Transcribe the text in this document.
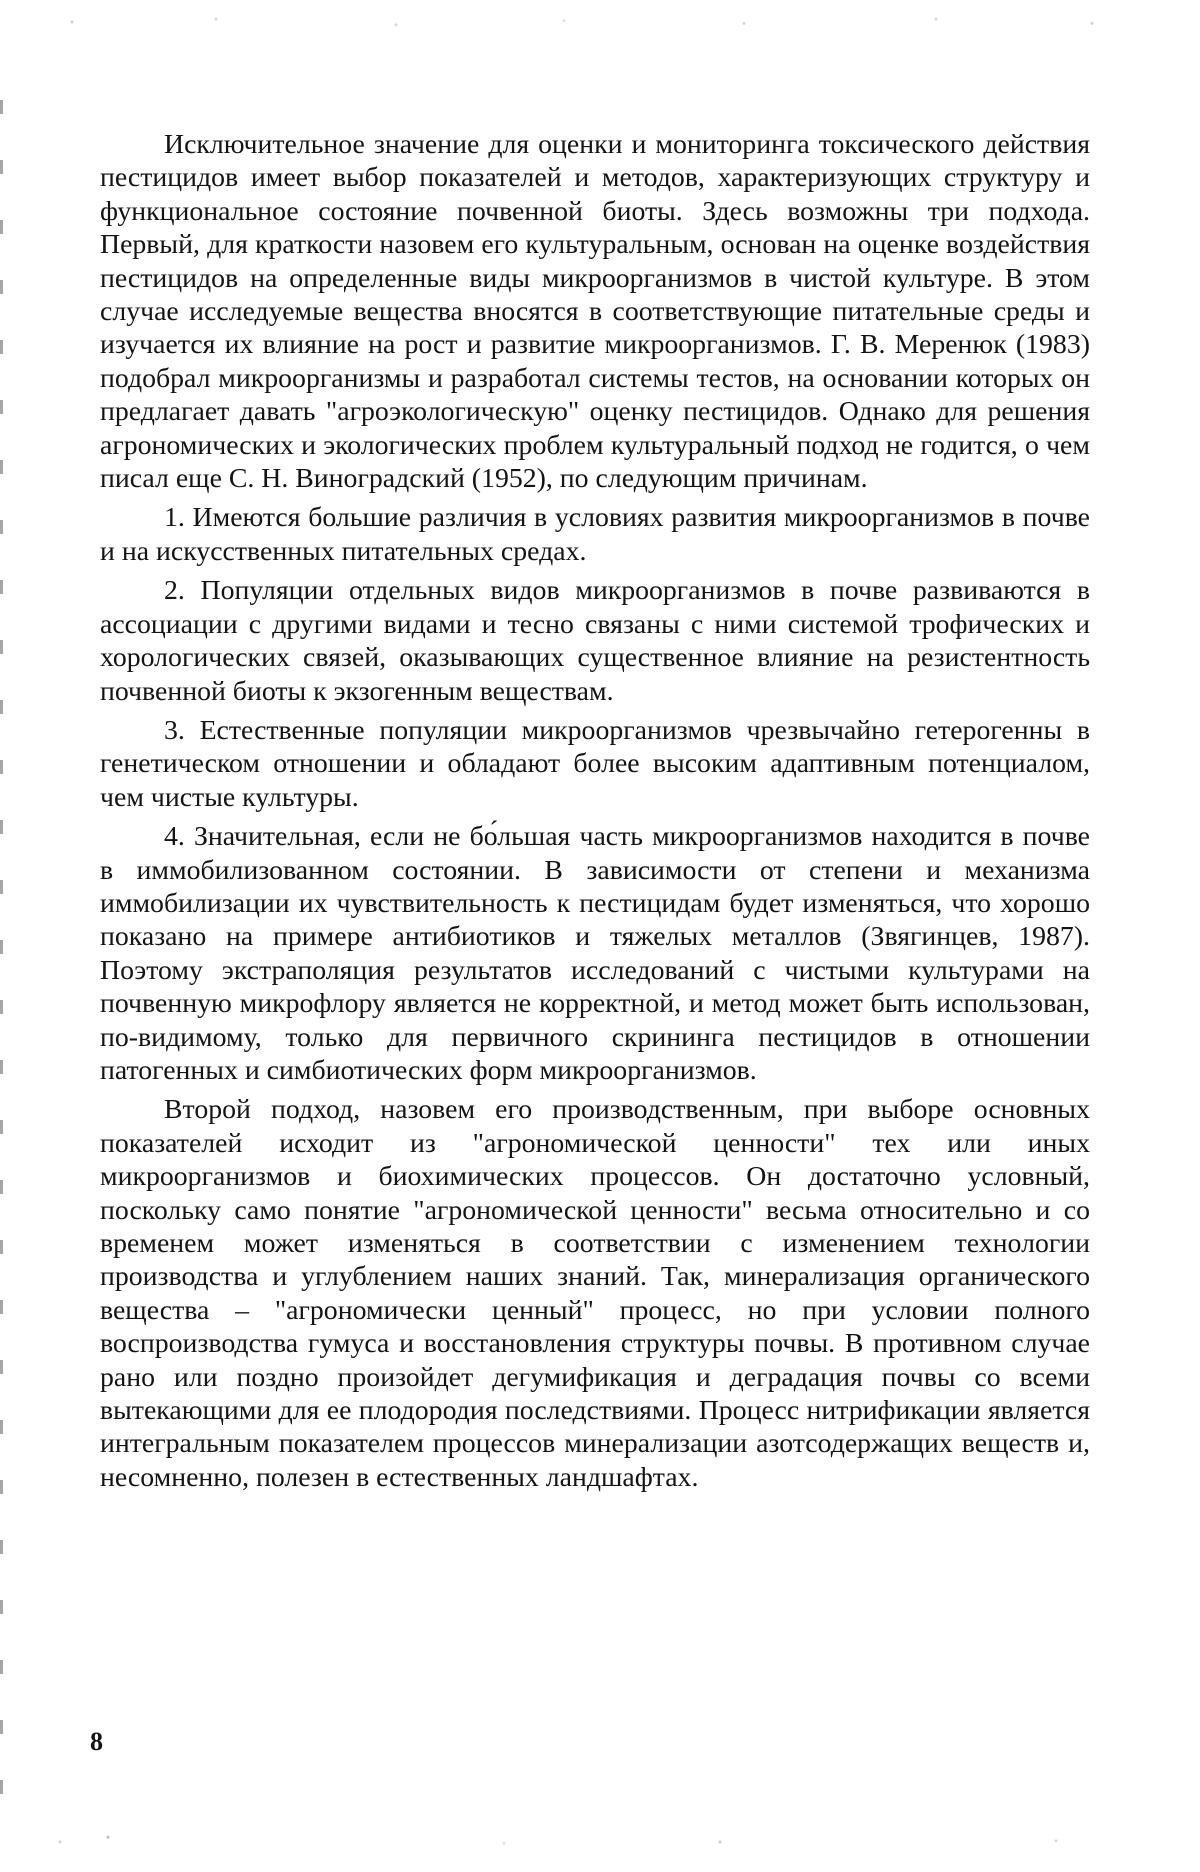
Исключительное значение для оценки и мониторинга токсического действия пестицидов имеет выбор показателей и методов, характеризующих структуру и функциональное состояние почвенной биоты. Здесь возможны три подхода. Первый, для краткости назовем его культуральным, основан на оценке воздействия пестицидов на определенные виды микроорганизмов в чистой культуре. В этом случае исследуемые вещества вносятся в соответствующие питательные среды и изучается их влияние на рост и развитие микроорганизмов. Г. В. Меренюк (1983) подобрал микроорганизмы и разработал системы тестов, на основании которых он предлагает давать "агроэкологическую" оценку пестицидов. Однако для решения агрономических и экологических проблем культуральный подход не годится, о чем писал еще С. Н. Виноградский (1952), по следующим причинам.

1. Имеются большие различия в условиях развития микроорганизмов в почве и на искусственных питательных средах.

2. Популяции отдельных видов микроорганизмов в почве развиваются в ассоциации с другими видами и тесно связаны с ними системой трофических и хорологических связей, оказывающих существенное влияние на резистентность почвенной биоты к экзогенным веществам.

3. Естественные популяции микроорганизмов чрезвычайно гетерогенны в генетическом отношении и обладают более высоким адаптивным потенциалом, чем чистые культуры.

4. Значительная, если не бо́льшая часть микроорганизмов находится в почве в иммобилизованном состоянии. В зависимости от степени и механизма иммобилизации их чувствительность к пестицидам будет изменяться, что хорошо показано на примере антибиотиков и тяжелых металлов (Звягинцев, 1987). Поэтому экстраполяция результатов исследований с чистыми культурами на почвенную микрофлору является не корректной, и метод может быть использован, по-видимому, только для первичного скрининга пестицидов в отношении патогенных и симбиотических форм микроорганизмов.

Второй подход, назовем его производственным, при выборе основных показателей исходит из "агрономической ценности" тех или иных микроорганизмов и биохимических процессов. Он достаточно условный, поскольку само понятие "агрономической ценности" весьма относительно и со временем может изменяться в соответствии с изменением технологии производства и углублением наших знаний. Так, минерализация органического вещества – "агрономически ценный" процесс, но при условии полного воспроизводства гумуса и восстановления структуры почвы. В противном случае рано или поздно произойдет дегумификация и деградация почвы со всеми вытекающими для ее плодородия последствиями. Процесс нитрификации является интегральным показателем процессов минерализации азотсодержащих веществ и, несомненно, полезен в естественных ландшафтах.

8
